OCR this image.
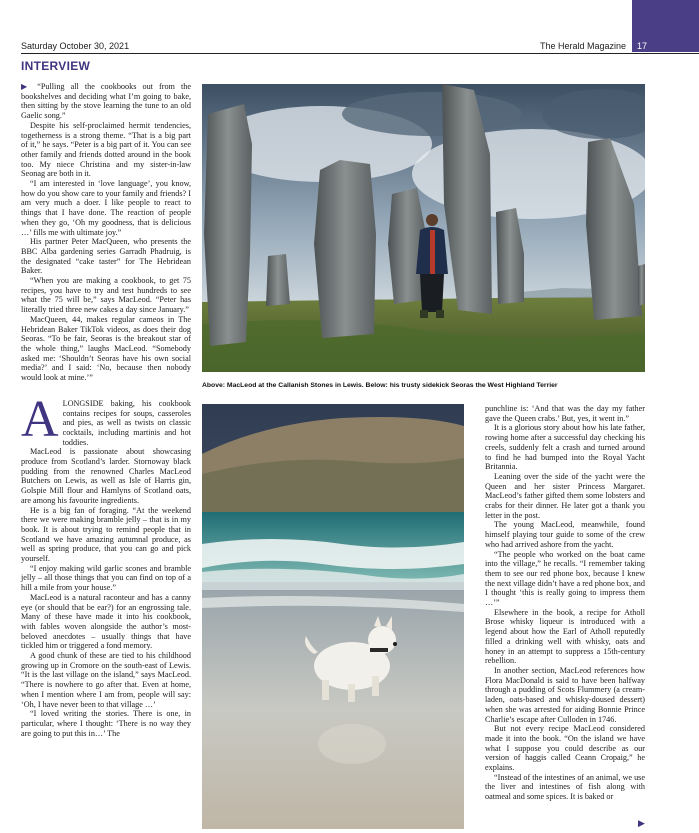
Saturday October 30, 2021	The Herald Magazine 17
INTERVIEW

▶ “Pulling all the cookbooks out from the bookshelves and deciding what I’m going to bake, then sitting by the stove learning the tune to an old Gaelic song.”

Despite his self-proclaimed hermit tendencies, togetherness is a strong theme. “That is a big part of it,” he says. “Peter is a big part of it. You can see other family and friends dotted around in the book too. My niece Christina and my sister-in-law Seonag are both in it.

“I am interested in ‘love language’, you know, how do you show care to your family and friends? I am very much a doer. I like people to react to things that I have done. The reaction of people when they go, ‘Oh my goodness, that is delicious …’ fills me with ultimate joy.”

His partner Peter MacQueen, who presents the BBC Alba gardening series Garradh Phadruig, is the designated “cake taster” for The Hebridean Baker.

“When you are making a cookbook, to get 75 recipes, you have to try and test hundreds to see what the 75 will be,” says MacLeod. “Peter has literally tried three new cakes a day since January.”

MacQueen, 44, makes regular cameos in The Hebridean Baker TikTok videos, as does their dog Seoras. “To be fair, Seoras is the breakout star of the whole thing,” laughs MacLeod. “Somebody asked me: ‘Shouldn’t Seoras have his own social media?’ and I said: ‘No, because then nobody would look at mine.’”

A LONGSIDE baking, his cookbook contains recipes for soups, casseroles and pies, as well as twists on classic cocktails, including martinis and hot toddies.

MacLeod is passionate about showcasing produce from Scotland’s larder. Stornoway black pudding from the renowned Charles MacLeod Butchers on Lewis, as well as Isle of Harris gin, Golspie Mill flour and Hamlyns of Scotland oats, are among his favourite ingredients.

He is a big fan of foraging. “At the weekend there we were making bramble jelly – that is in my book. It is about trying to remind people that in Scotland we have amazing autumnal produce, as well as spring produce, that you can go and pick yourself.

“I enjoy making wild garlic scones and bramble jelly – all those things that you can find on top of a hill a mile from your house.”

MacLeod is a natural raconteur and has a canny eye (or should that be ear?) for an engrossing tale. Many of these have made it into his cookbook, with fables woven alongside the author’s most-beloved anecdotes – usually things that have tickled him or triggered a fond memory.

A good chunk of these are tied to his childhood growing up in Cromore on the south-east of Lewis. “It is the last village on the island,” says MacLeod. “There is nowhere to go after that. Even at home, when I mention where I am from, people will say: ‘Oh, I have never been to that village …’

“I loved writing the stories. There is one, in particular, where I thought: ‘There is no way they are going to put this in…’ The

Above: MacLeod at the Callanish Stones in Lewis. Below: his trusty sidekick Seoras the West Highland Terrier

punchline is: ‘And that was the day my father gave the Queen crabs.’ But, yes, it went in.”

It is a glorious story about how his late father, rowing home after a successful day checking his creels, suddenly felt a crash and turned around to find he had bumped into the Royal Yacht Britannia.

Leaning over the side of the yacht were the Queen and her sister Princess Margaret. MacLeod’s father gifted them some lobsters and crabs for their dinner. He later got a thank you letter in the post.

The young MacLeod, meanwhile, found himself playing tour guide to some of the crew who had arrived ashore from the yacht.

“The people who worked on the boat came into the village,” he recalls. “I remember taking them to see our red phone box, because I knew the next village didn’t have a red phone box, and I thought ‘this is really going to impress them …’”

Elsewhere in the book, a recipe for Atholl Brose whisky liqueur is introduced with a legend about how the Earl of Atholl reputedly filled a drinking well with whisky, oats and honey in an attempt to suppress a 15th-century rebellion.

In another section, MacLeod references how Flora MacDonald is said to have been halfway through a pudding of Scots Flummery (a cream-laden, oats-based and whisky-doused dessert) when she was arrested for aiding Bonnie Prince Charlie’s escape after Culloden in 1746.

But not every recipe MacLeod considered made it into the book. “On the island we have what I suppose you could describe as our version of haggis called Ceann Cropaig,” he explains.

“Instead of the intestines of an animal, we use the liver and intestines of fish along with oatmeal and some spices. It is baked or

▶
